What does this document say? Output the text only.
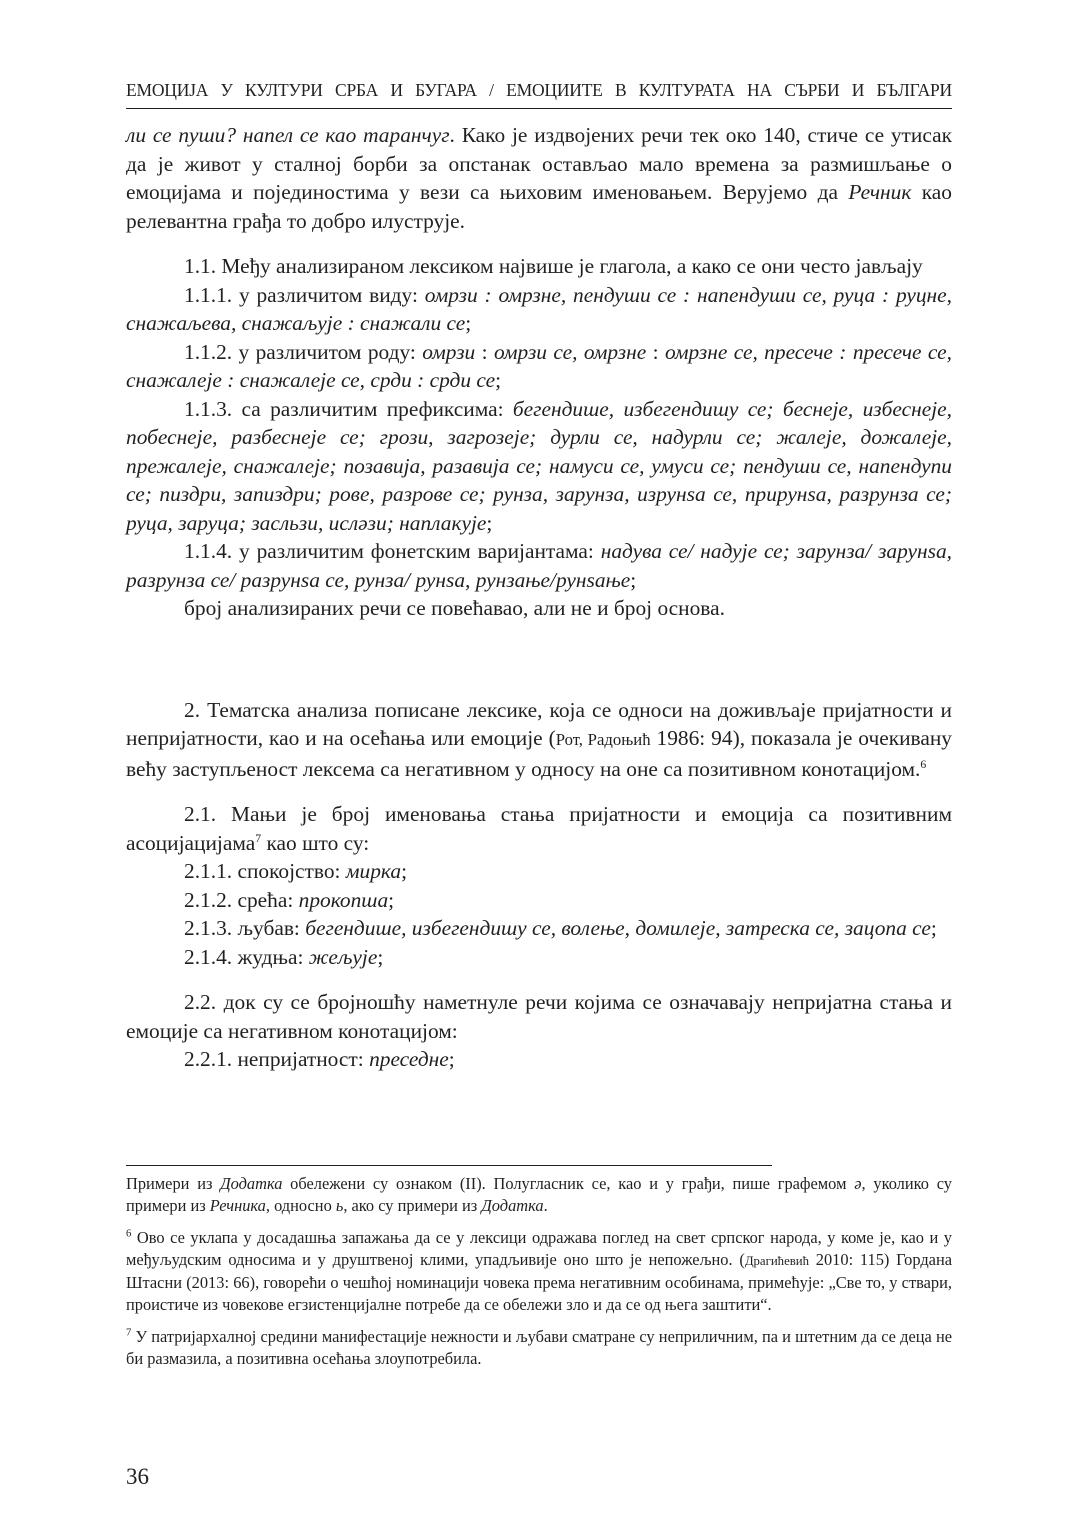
ЕМОЦИЈА У КУЛТУРИ СРБА И БУГАРА / ЕМОЦИИТЕ В КУЛТУРАТА НА СЪРБИ И БЪЛГАРИ

ли се пуши? напел се као таранчуг. Како је издвојених речи тек око 140, стиче се утисак да је живот у сталној борби за опстанак остављао мало времена за размишљање о емоцијама и појединостима у вези са њиховим именовањем. Верујемо да Речник као релевантна грађа то добро илуструје.

1.1. Међу анализираном лексиком највише је глагола, а како се они често јављају

1.1.1. у различитом виду: омрзи : омрзне, пендуши се : напендуши се, руца : руцне, снажаљева, снажаљује : снажали се;

1.1.2. у различитом роду: омрзи : омрзи се, омрзне : омрзне се, пресече : пресече се, снажалеје : снажалеје се, срди : срди се;

1.1.3. са различитим префиксима: бегендише, избегендишу се; беснеје, избеснеје, побеснеје, разбеснеје се; грози, загрозеје; дурли се, надурли се; жалеје, дожалеје, прежалеје, снажалеје; позавија, разавија се; намуси се, умуси се; пендуши се, напендупи се; пиздри, запиздри; рове, разрове се; рунза, зарунза, изрунѕа се, прирунѕа, разрунза се; руца, заруца; засльзи, исләзи; наплакује;

1.1.4. у различитим фонетским варијантама: надува се/ надује се; зарунза/ зарунѕа, разрунза се/ разрунѕа се, рунза/ рунѕа, рунзање/рунѕање;

број анализираних речи се повећавао, али не и број основа.

2. Тематска анализа пописане лексике, која се односи на доживљаје пријатности и непријатности, као и на осећања или емоције (Рот, Радоњић 1986: 94), показала је очекивану већу заступљеност лексема са негативном у односу на оне са позитивном конотацијом.$^6$

2.1. Мањи је број именовања стања пријатности и емоција са позитивним асоцијацијама$^7$ као што су:

2.1.1. спокојство: мирка;

2.1.2. срећа: прокопша;

2.1.3. љубав: бегендише, избегендишу се, волење, домилеје, затреска се, зацопа се;

2.1.4. жудња: жељује;

2.2. док су се бројношћу наметнуле речи којима се означавају непријатна стања и емоције са негативном конотацијом:

2.2.1. непријатност: преседне;

Примери из Додатка обележени су ознаком (II). Полугласник се, као и у грађи, пише графемом ә, уколико су примери из Речника, односно ь, ако су примери из Додатка.

$^6$ Ово се уклапа у досадашња запажања да се у лексици одражава поглед на свет српског народа, у коме је, као и у међуљудским односима и у друштвеној клими, упадљивије оно што је непожељно. (Драгићевић 2010: 115) Гордана Штасни (2013: 66), говорећи о чешћој номинацији човека према негативним особинама, примећује: „Све то, у ствари, проистиче из човекове егзистенцијалне потребе да се обележи зло и да се од њега заштити“.

$^7$ У патријархалној средини манифестације нежности и љубави сматране су неприличним, па и штетним да се деца не би размазила, а позитивна осећања злоупотребила.

36
